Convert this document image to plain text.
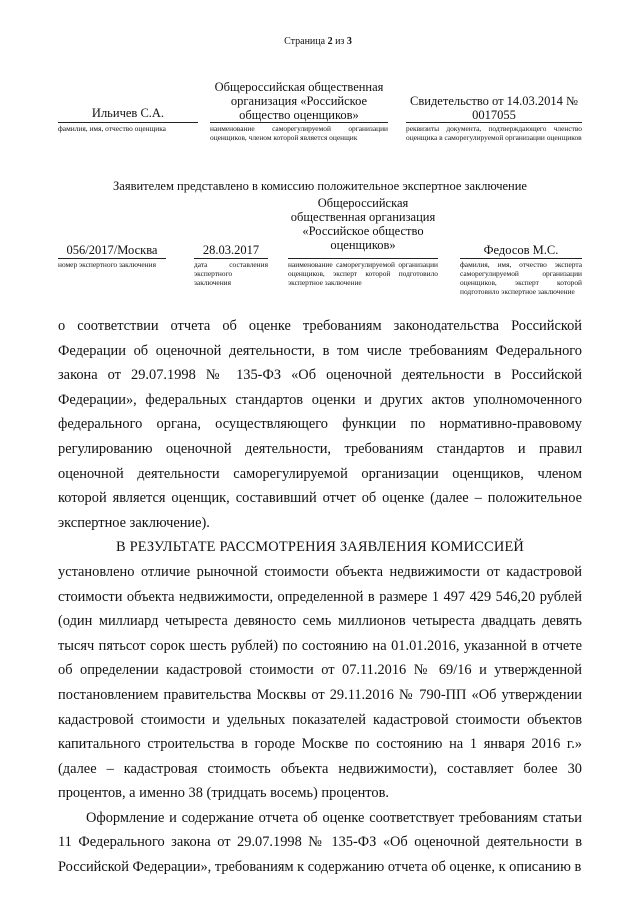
Страница 2 из 3
Ильичев С.А.
фамилия, имя, отчество оценщика
Общероссийская общественная организация «Российское общество оценщиков»
наименование саморегулируемой организации оценщиков, членом которой является оценщик
Свидетельство от 14.03.2014 № 0017055
реквизиты документа, подтверждающего членство оценщика в саморегулируемой организации оценщиков
Заявителем представлено в комиссию положительное экспертное заключение
056/2017/Москва
номер экспертного заключения
28.03.2017
дата составления экспертного заключения
Общероссийская общественная организация «Российское общество оценщиков»
наименование саморегулируемой организации оценщиков, эксперт которой подготовило экспертное заключение
Федосов М.С.
фамилия, имя, отчество эксперта саморегулируемой организации оценщиков, эксперт которой подготовило экспертное заключение

о соответствии отчета об оценке требованиям законодательства Российской Федерации об оценочной деятельности, в том числе требованиям Федерального закона от 29.07.1998 № 135-ФЗ «Об оценочной деятельности в Российской Федерации», федеральных стандартов оценки и других актов уполномоченного федерального органа, осуществляющего функции по нормативно-правовому регулированию оценочной деятельности, требованиям стандартов и правил оценочной деятельности саморегулируемой организации оценщиков, членом которой является оценщик, составивший отчет об оценке (далее – положительное экспертное заключение).

В РЕЗУЛЬТАТЕ РАССМОТРЕНИЯ ЗАЯВЛЕНИЯ КОМИССИЕЙ

установлено отличие рыночной стоимости объекта недвижимости от кадастровой стоимости объекта недвижимости, определенной в размере 1 497 429 546,20 рублей (один миллиард четыреста девяносто семь миллионов четыреста двадцать девять тысяч пятьсот сорок шесть рублей) по состоянию на 01.01.2016, указанной в отчете об определении кадастровой стоимости от 07.11.2016 № 69/16 и утвержденной постановлением правительства Москвы от 29.11.2016 № 790-ПП «Об утверждении кадастровой стоимости и удельных показателей кадастровой стоимости объектов капитального строительства в городе Москве по состоянию на 1 января 2016 г.» (далее – кадастровая стоимость объекта недвижимости), составляет более 30 процентов, а именно 38 (тридцать восемь) процентов.

Оформление и содержание отчета об оценке соответствует требованиям статьи 11 Федерального закона от 29.07.1998 № 135-ФЗ «Об оценочной деятельности в Российской Федерации», требованиям к содержанию отчета об оценке, к описанию в
